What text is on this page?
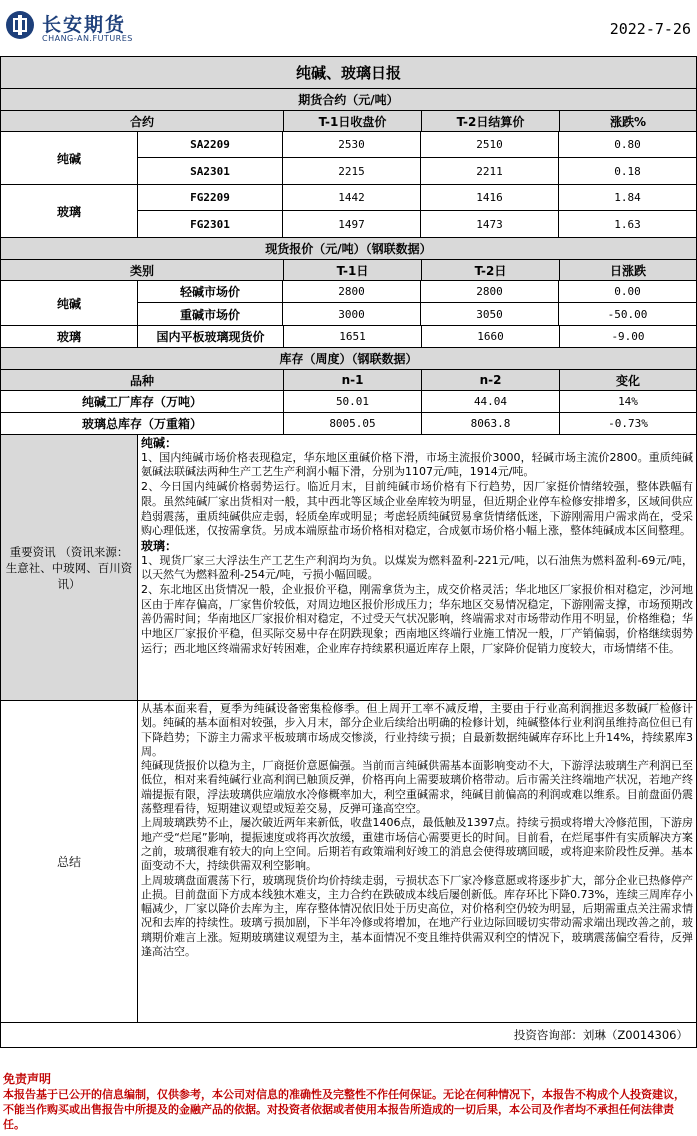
长安期货
CHANG-AN.FUTURES
2022-7-26
纯碱、玻璃日报
期货合约（元/吨）
合约	T-1日收盘价	T-2日结算价	涨跌%
纯碱
SA2209	2530	2510	0.80
SA2301	2215	2211	0.18
玻璃
FG2209	1442	1416	1.84
FG2301	1497	1473	1.63
现货报价（元/吨）（钢联数据）
类别	T-1日	T-2日	日涨跌
纯碱
轻碱市场价	2800	2800	0.00
重碱市场价	3000	3050	-50.00
玻璃	国内平板玻璃现货价	1651	1660	-9.00
库存（周度）（钢联数据）
品种	n-1	n-2	变化
纯碱工厂库存（万吨）	50.01	44.04	14%
玻璃总库存（万重箱）	8005.05	8063.8	-0.73%
重要资讯 （资讯来源：生意社、中玻网、百川资讯）
纯碱：
1、国内纯碱市场价格表现稳定，华东地区重碱价格下滑，市场主流报价3000，轻碱市场主流价2800。重质纯碱氨碱法联碱法两种生产工艺生产利润小幅下滑，分别为1107元/吨，1914元/吨。
2、今日国内纯碱价格弱势运行。临近月末，目前纯碱市场价格有下行趋势，因厂家挺价情绪较强，整体跌幅有限。虽然纯碱厂家出货相对一般，其中西北等区域企业垒库较为明显，但近期企业停车检修安排增多，区域间供应趋弱震荡，重质纯碱供应走弱，轻质垒库或明显；考虑轻质纯碱贸易拿货情绪低迷，下游刚需用户需求尚在，受采购心理低迷，仅按需拿货。另成本端原盐市场价格相对稳定，合成氨市场价格小幅上涨，整体纯碱成本区间整理。
玻璃：
1、现货厂家三大浮法生产工艺生产利润均为负。以煤炭为燃料盈利-221元/吨，以石油焦为燃料盈利-69元/吨，以天然气为燃料盈利-254元/吨，亏损小幅回暖。
2、东北地区出货情况一般，企业报价平稳，刚需拿货为主，成交价格灵活；华北地区厂家报价相对稳定，沙河地区由于库存偏高，厂家售价较低，对周边地区报价形成压力；华东地区交易情况稳定，下游刚需支撑，市场预期改善仍需时间；华南地区厂家报价相对稳定，不过受天气状况影响，终端需求对市场带动作用不明显，价格维稳；华中地区厂家报价平稳，但买际交易中存在阴跌现象；西南地区终端行业施工情况一般，厂产销偏弱，价格继续弱势运行；西北地区终端需求好转困难，企业库存持续累积逼近库存上限，厂家降价促销力度较大，市场情绪不佳。
总结
从基本面来看，夏季为纯碱设备密集检修季。但上周开工率不减反增，主要由于行业高利润推迟多数碱厂检修计划。纯碱的基本面相对较强，步入月末，部分企业后续给出明确的检修计划，纯碱整体行业利润虽维持高位但已有下降趋势；下游主力需求平板玻璃市场成交惨淡，行业持续亏损；自最新数据纯碱库存环比上升14%，持续累库3周。
纯碱现货报价以稳为主，厂商挺价意愿偏强。当前而言纯碱供需基本面影响变动不大，下游浮法玻璃生产利润已至低位，相对来看纯碱行业高利润已触顶反弹，价格再向上需要玻璃价格带动。后市需关注终端地产状况，若地产终端提振有限，浮法玻璃供应端放水冷修概率加大，利空重碱需求，纯碱目前偏高的利润或难以维系。目前盘面仍震荡整理看待，短期建议观望或短差交易，反弹可逢高空空。
上周玻璃跌势不止，屡次破近两年来新低，收盘1406点，最低触及1397点。持续亏损或将增大冷修范围，下游房地产受“烂尾”影响，提振速度或将再次放缓，重建市场信心需要更长的时间。目前看，在烂尾事件有实质解决方案之前，玻璃很难有较大的向上空间。后期若有政策端利好竣工的消息会使得玻璃回暖，或将迎来阶段性反弹。基本面变动不大，持续供需双利空影响。
上周玻璃盘面震荡下行，玻璃现货价均价持续走弱，亏损状态下厂家冷修意愿或将逐步扩大，部分企业已热修停产止损。目前盘面下方成本线独木难支，主力合约在跌破成本线后屡创新低。库存环比下降0.73%，连续三周库存小幅减少，厂家以降价去库为主，库存整体情况依旧处于历史高位，对价格利空仍较为明显，后期需重点关注需求情况和去库的持续性。玻璃亏损加剧，下半年冷修或将增加，在地产行业边际回暖切实带动需求端出现改善之前，玻璃期价难言上涨。短期玻璃建议观望为主，基本面情况不变且维持供需双利空的情况下，玻璃震荡偏空看待，反弹逢高沽空。
投资咨询部：刘琳（Z0014306）
免责声明
本报告基于已公开的信息编制，仅供参考，本公司对信息的准确性及完整性不作任何保证。无论在何种情况下，本报告不构成个人投资建议，不能当作购买或出售报告中所提及的金融产品的依据。对投资者依据或者使用本报告所造成的一切后果，本公司及作者均不承担任何法律责任。
